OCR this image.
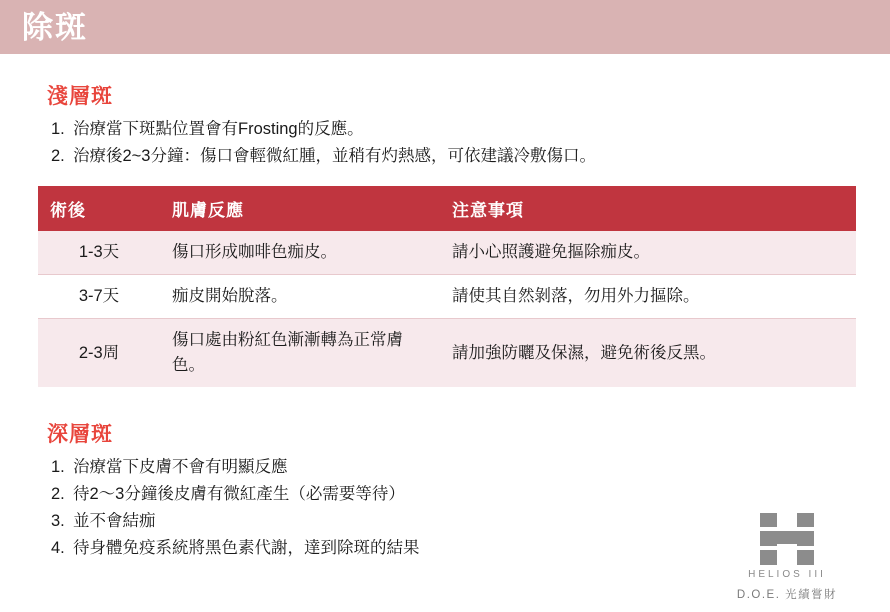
除斑
淺層斑
1. 治療當下斑點位置會有Frosting的反應。
2. 治療後2~3分鐘：傷口會輕微紅腫，並稍有灼熱感，可依建議冷敷傷口。
術後	肌膚反應	注意事項
1-3天	傷口形成咖啡色痂皮。	請小心照護避免摳除痂皮。
3-7天	痂皮開始脫落。	請使其自然剝落，勿用外力摳除。
2-3周	傷口處由粉紅色漸漸轉為正常膚色。	請加強防曬及保濕，避免術後反黑。
深層斑
1. 治療當下皮膚不會有明顯反應
2. 待2～3分鐘後皮膚有微紅產生（必需要等待）
3. 並不會結痂
4. 待身體免疫系統將黑色素代謝，達到除斑的結果
HELIOS III
D.O.E. 光績嘗財
